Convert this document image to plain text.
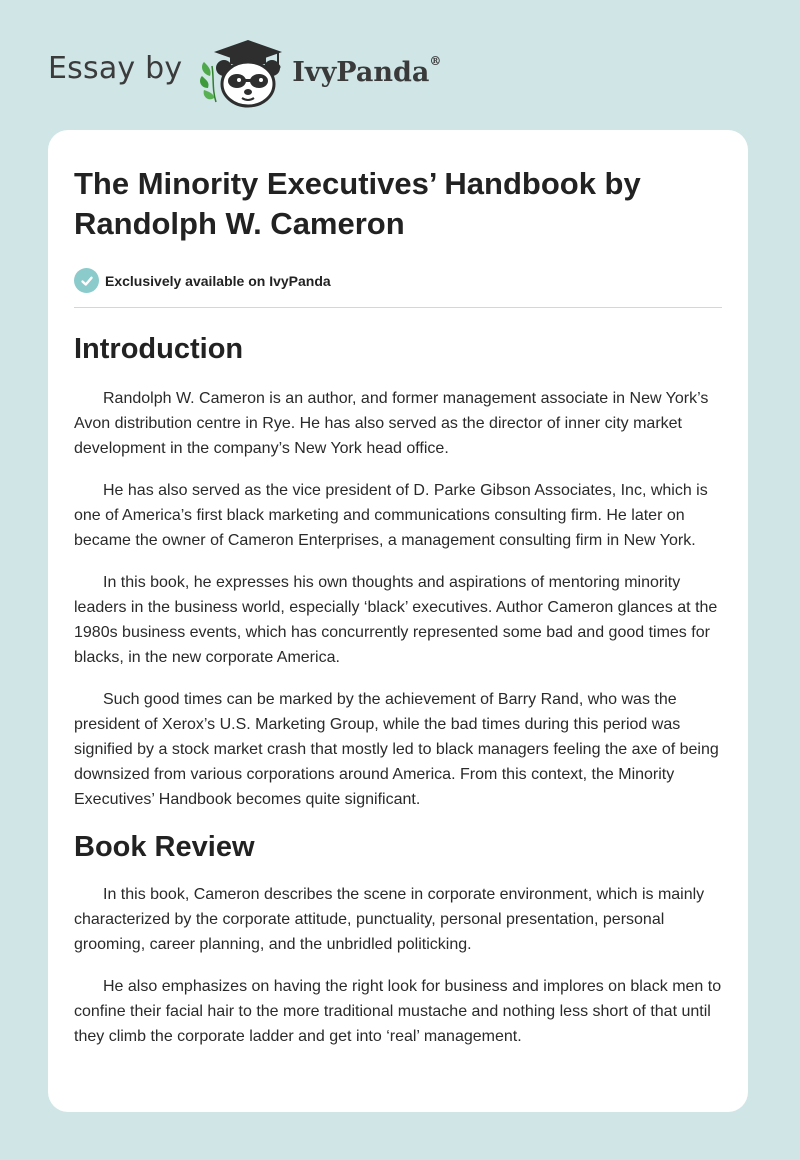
Essay by	IvyPanda®
The Minority Executives’ Handbook by Randolph W. Cameron
Exclusively available on IvyPanda
Introduction

Randolph W. Cameron is an author, and former management associate in New York’s Avon distribution centre in Rye. He has also served as the director of inner city market development in the company’s New York head office.

He has also served as the vice president of D. Parke Gibson Associates, Inc, which is one of America’s first black marketing and communications consulting firm. He later on became the owner of Cameron Enterprises, a management consulting firm in New York.

In this book, he expresses his own thoughts and aspirations of mentoring minority leaders in the business world, especially ‘black’ executives. Author Cameron glances at the 1980s business events, which has concurrently represented some bad and good times for blacks, in the new corporate America.

Such good times can be marked by the achievement of Barry Rand, who was the president of Xerox’s U.S. Marketing Group, while the bad times during this period was signified by a stock market crash that mostly led to black managers feeling the axe of being downsized from various corporations around America. From this context, the Minority Executives’ Handbook becomes quite significant.

Book Review

In this book, Cameron describes the scene in corporate environment, which is mainly characterized by the corporate attitude, punctuality, personal presentation, personal grooming, career planning, and the unbridled politicking.

He also emphasizes on having the right look for business and implores on black men to confine their facial hair to the more traditional mustache and nothing less short of that until they climb the corporate ladder and get into ‘real’ management.
